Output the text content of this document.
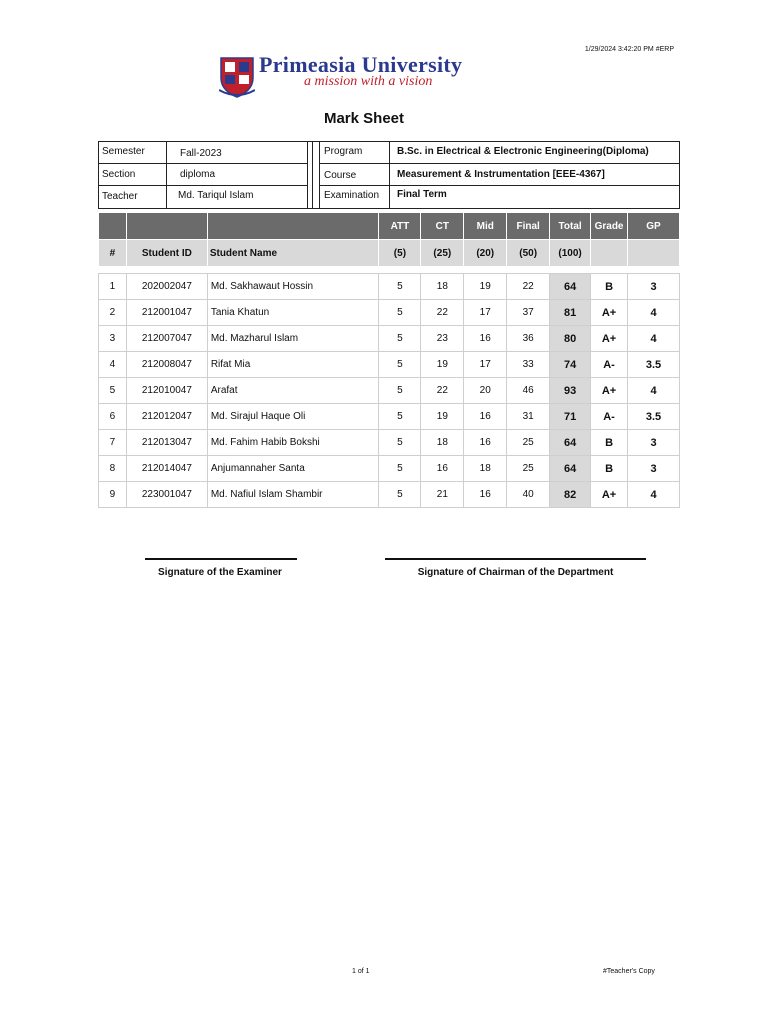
1/29/2024 3:42:20 PM #ERP
Primeasia University
a mission with a vision
Mark Sheet
Semester	Fall-2023
Section	diploma
Teacher	Md. Tariqul Islam
Program	B.Sc. in Electrical & Electronic Engineering(Diploma)
Course	Measurement & Instrumentation [EEE-4367]
Examination Final Term
			ATT	CT	Mid	Final	Total	Grade	GP
#	Student ID	Student Name	(5)	(25)	(20)	(50)	(100)		

1	202002047	Md. Sakhawaut Hossin	5	18	19	22	64	B	3
2	212001047	Tania Khatun	5	22	17	37	81	A+	4
3	212007047	Md. Mazharul Islam	5	23	16	36	80	A+	4
4	212008047	Rifat Mia	5	19	17	33	74	A-	3.5
5	212010047	Arafat	5	22	20	46	93	A+	4
6	212012047	Md. Sirajul Haque Oli	5	19	16	31	71	A-	3.5
7	212013047	Md. Fahim Habib Bokshi	5	18	16	25	64	B	3
8	212014047	Anjumannaher Santa	5	16	18	25	64	B	3
9	223001047	Md. Nafiul Islam Shambir	5	21	16	40	82	A+	4
Signature of the Examiner	Signature of Chairman of the Department
1 of 1	#Teacher's Copy
